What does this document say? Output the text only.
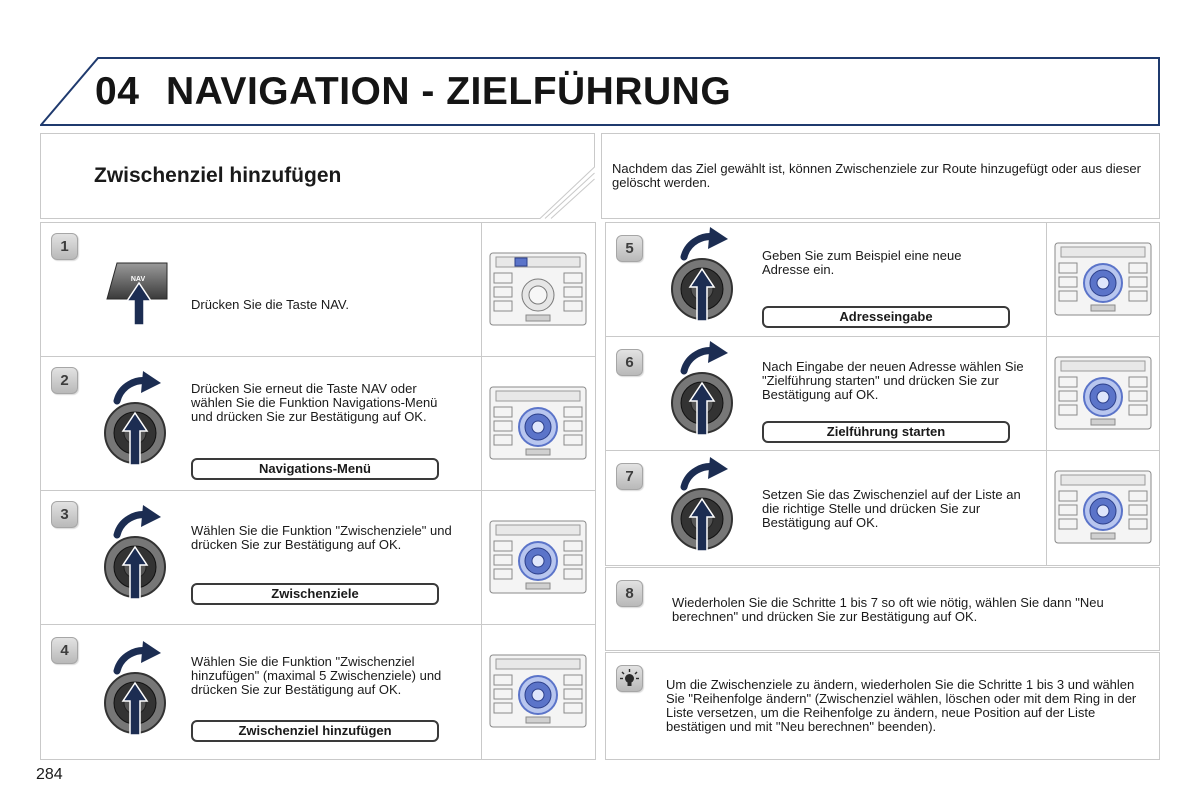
04 NAVIGATION - ZIELFÜHRUNG
Zwischenziel hinzufügen	Nachdem das Ziel gewählt ist, können Zwischenziele zur Route hinzugefügt oder aus dieser gelöscht werden.
1
NAV
Drücken Sie die Taste NAV.
2	Drücken Sie erneut die Taste NAV oder wählen Sie die Funktion Navigations-Menü und drücken Sie zur Bestätigung auf OK.
Navigations-Menü
3
Wählen Sie die Funktion "Zwischenziele" und drücken Sie zur Bestätigung auf OK.
Zwischenziele
4
Wählen Sie die Funktion "Zwischenziel hinzufügen" (maximal 5 Zwischenziele) und drücken Sie zur Bestätigung auf OK.
Zwischenziel hinzufügen
5	Geben Sie zum Beispiel eine neue Adresse ein.
Adresseingabe
6	Nach Eingabe der neuen Adresse wählen Sie "Zielführung starten" und drücken Sie zur Bestätigung auf OK.
Zielführung starten
7
Setzen Sie das Zwischenziel auf der Liste an die richtige Stelle und drücken Sie zur Bestätigung auf OK.
8
Wiederholen Sie die Schritte 1 bis 7 so oft wie nötig, wählen Sie dann "Neu berechnen" und drücken Sie zur Bestätigung auf OK.
Um die Zwischenziele zu ändern, wiederholen Sie die Schritte 1 bis 3 und wählen Sie "Reihenfolge ändern" (Zwischenziel wählen, löschen oder mit dem Ring in der Liste versetzen, um die Reihenfolge zu ändern, neue Position auf der Liste bestätigen und mit "Neu berechnen" beenden).
284
